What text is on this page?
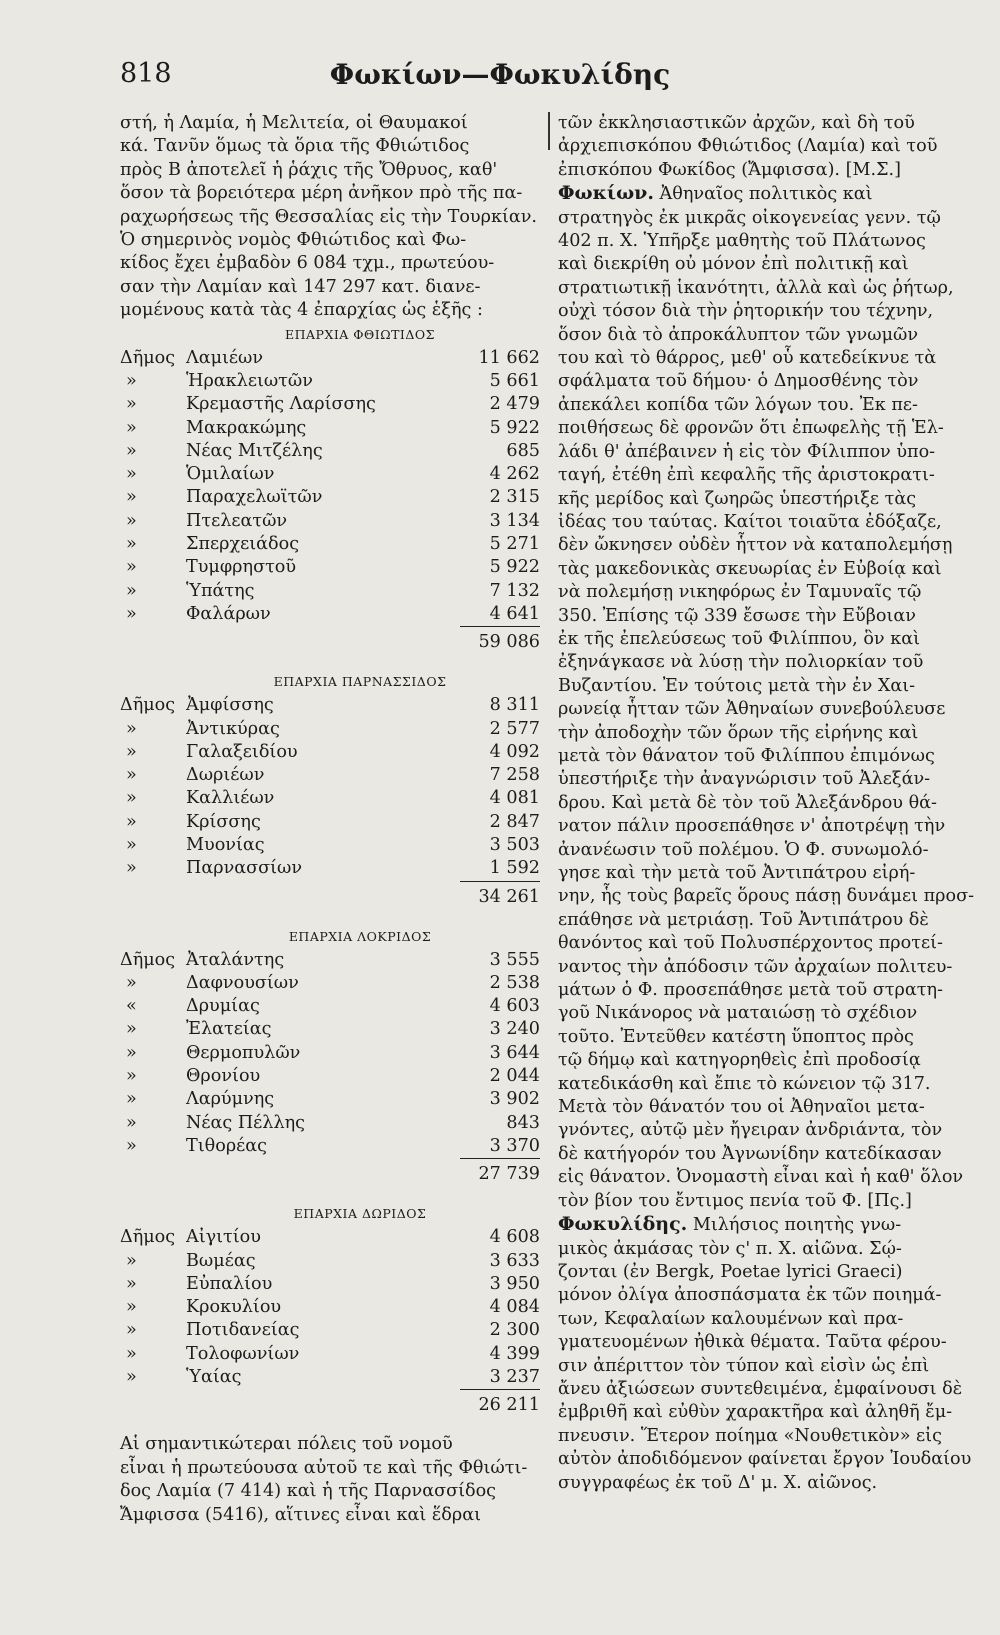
818	Φωκίων—Φωκυλίδης

στή, ἡ Λαμία, ἡ Μελιτεία, οἱ Θαυμακοί
κά. Τανῦν ὅμως τὰ ὅρια τῆς Φθιώτιδος
πρὸς Β ἀποτελεῖ ἡ ῥάχις τῆς Ὄθρυος, καθ'
ὅσον τὰ βορειότερα μέρη ἀνῆκον πρὸ τῆς πα-
ραχωρήσεως τῆς Θεσσαλίας εἰς τὴν Τουρκίαν.
Ὁ σημερινὸς νομὸς Φθιώτιδος καὶ Φω-
κίδος ἔχει ἐμβαδὸν 6 084 τχμ., πρωτεύου-
σαν τὴν Λαμίαν καὶ 147 297 κατ. διανε-
μομένους κατὰ τὰς 4 ἐπαρχίας ὡς ἑξῆς :

ΕΠΑΡΧΙΑ ΦΘΙΩΤΙΔΟΣ
Δῆμος Λαμιέων	11 662
»	Ἡρακλειωτῶν	5 661
»	Κρεμαστῆς Λαρίσσης	2 479
»	Μακρακώμης	5 922
»	Νέας Μιτζέλης	685
»	Ὁμιλαίων	4 262
»	Παραχελωϊτῶν	2 315
»	Πτελεατῶν	3 134
»	Σπερχειάδος	5 271
»	Τυμφρηστοῦ	5 922
»	Ὑπάτης	7 132
»	Φαλάρων	4 641
59 086
ΕΠΑΡΧΙΑ ΠΑΡΝΑΣΣΙΔΟΣ
Δῆμος Ἀμφίσσης	8 311
»	Ἀντικύρας	2 577
»	Γαλαξειδίου	4 092
»	Δωριέων	7 258
»	Καλλιέων	4 081
»	Κρίσσης	2 847
»	Μυονίας	3 503
»	Παρνασσίων	1 592
34 261
ΕΠΑΡΧΙΑ ΛΟΚΡΙΔΟΣ
Δῆμος Ἀταλάντης	3 555
»	Δαφνουσίων	2 538
«	Δρυμίας	4 603
»	Ἐλατείας	3 240
»	Θερμοπυλῶν	3 644
»	Θρονίου	2 044
»	Λαρύμνης	3 902
»	Νέας Πέλλης	843
»	Τιθορέας	3 370
27 739
ΕΠΑΡΧΙΑ ΔΩΡΙΔΟΣ
Δῆμος Αἰγιτίου	4 608
»	Βωμέας	3 633
»	Εὐπαλίου	3 950
»	Κροκυλίου	4 084
»	Ποτιδανείας	2 300
»	Τολοφωνίων	4 399
»	Ὑαίας	3 237
26 211

Αἱ σημαντικώτεραι πόλεις τοῦ νομοῦ
εἶναι ἡ πρωτεύουσα αὐτοῦ τε καὶ τῆς Φθιώτι-
δος Λαμία (7 414) καὶ ἡ τῆς Παρνασσίδος
Ἄμφισσα (5416), αἵτινες εἶναι καὶ ἕδραι

τῶν ἐκκλησιαστικῶν ἀρχῶν, καὶ δὴ τοῦ
ἀρχιεπισκόπου Φθιώτιδος (Λαμία) καὶ τοῦ
ἐπισκόπου Φωκίδος (Ἄμφισσα). [Μ.Σ.]

Φωκίων. Ἀθηναῖος πολιτικὸς καὶ
στρατηγὸς ἐκ μικρᾶς οἰκογενείας γενν. τῷ
402 π. Χ. Ὑπῆρξε μαθητὴς τοῦ Πλάτωνος
καὶ διεκρίθη οὐ μόνον ἐπὶ πολιτικῇ καὶ
στρατιωτικῇ ἱκανότητι, ἀλλὰ καὶ ὡς ῥήτωρ,
οὐχὶ τόσον διὰ τὴν ῥητορικήν του τέχνην,
ὅσον διὰ τὸ ἀπροκάλυπτον τῶν γνωμῶν
του καὶ τὸ θάρρος, μεθ' οὗ κατεδείκνυε τὰ
σφάλματα τοῦ δήμου· ὁ Δημοσθένης τὸν
ἀπεκάλει κοπίδα τῶν λόγων του. Ἐκ πε-
ποιθήσεως δὲ φρονῶν ὅτι ἐπωφελὴς τῇ Ἑλ-
λάδι θ' ἀπέβαινεν ἡ εἰς τὸν Φίλιππον ὑπο-
ταγή, ἐτέθη ἐπὶ κεφαλῆς τῆς ἀριστοκρατι-
κῆς μερίδος καὶ ζωηρῶς ὑπεστήριξε τὰς
ἰδέας του ταύτας. Καίτοι τοιαῦτα ἐδόξαζε,
δὲν ὤκνησεν οὐδὲν ἧττον νὰ καταπολεμήσῃ
τὰς μακεδονικὰς σκευωρίας ἐν Εὐβοίᾳ καὶ
νὰ πολεμήσῃ νικηφόρως ἐν Ταμυναῖς τῷ
350. Ἐπίσης τῷ 339 ἔσωσε τὴν Εὔβοιαν
ἐκ τῆς ἐπελεύσεως τοῦ Φιλίππου, ὃν καὶ
ἐξηνάγκασε νὰ λύσῃ τὴν πολιορκίαν τοῦ
Βυζαντίου. Ἐν τούτοις μετὰ τὴν ἐν Χαι-
ρωνείᾳ ἧτταν τῶν Ἀθηναίων συνεβούλευσε
τὴν ἀποδοχὴν τῶν ὅρων τῆς εἰρήνης καὶ
μετὰ τὸν θάνατον τοῦ Φιλίππου ἐπιμόνως
ὑπεστήριξε τὴν ἀναγνώρισιν τοῦ Ἀλεξάν-
δρου. Καὶ μετὰ δὲ τὸν τοῦ Ἀλεξάνδρου θά-
νατον πάλιν προσεπάθησε ν' ἀποτρέψῃ τὴν
ἀνανέωσιν τοῦ πολέμου. Ὁ Φ. συνωμολό-
γησε καὶ τὴν μετὰ τοῦ Ἀντιπάτρου εἰρή-
νην, ἧς τοὺς βαρεῖς ὅρους πάσῃ δυνάμει προσ-
επάθησε νὰ μετριάσῃ. Τοῦ Ἀντιπάτρου δὲ
θανόντος καὶ τοῦ Πολυσπέρχοντος προτεί-
ναντος τὴν ἀπόδοσιν τῶν ἀρχαίων πολιτευ-
μάτων ὁ Φ. προσεπάθησε μετὰ τοῦ στρατη-
γοῦ Νικάνορος νὰ ματαιώσῃ τὸ σχέδιον
τοῦτο. Ἐντεῦθεν κατέστη ὕποπτος πρὸς
τῷ δήμῳ καὶ κατηγορηθεὶς ἐπὶ προδοσίᾳ
κατεδικάσθη καὶ ἔπιε τὸ κώνειον τῷ 317.
Μετὰ τὸν θάνατόν του οἱ Ἀθηναῖοι μετα-
γνόντες, αὐτῷ μὲν ἤγειραν ἀνδριάντα, τὸν
δὲ κατήγορόν του Ἀγνωνίδην κατεδίκασαν
εἰς θάνατον. Ὀνομαστὴ εἶναι καὶ ἡ καθ' ὅλον
τὸν βίον του ἔντιμος πενία τοῦ Φ. [Πς.]

Φωκυλίδης. Μιλήσιος ποιητὴς γνω-
μικὸς ἀκμάσας τὸν ς' π. Χ. αἰῶνα. Σῴ-
ζονται (ἐν Bergk, Poetae lyrici Graeci)
μόνον ὀλίγα ἀποσπάσματα ἐκ τῶν ποιημά-
των, Κεφαλαίων καλουμένων καὶ πρα-
γματευομένων ἠθικὰ θέματα. Ταῦτα φέρου-
σιν ἀπέριττον τὸν τύπον καὶ εἰσὶν ὡς ἐπὶ
ἄνευ ἀξιώσεων συντεθειμένα, ἐμφαίνουσι δὲ
ἐμβριθῆ καὶ εὐθὺν χαρακτῆρα καὶ ἀληθῆ ἔμ-
πνευσιν. Ἕτερον ποίημα «Νουθετικὸν» εἰς
αὐτὸν ἀποδιδόμενον φαίνεται ἔργον Ἰουδαίου
συγγραφέως ἐκ τοῦ Δ' μ. Χ. αἰῶνος.
